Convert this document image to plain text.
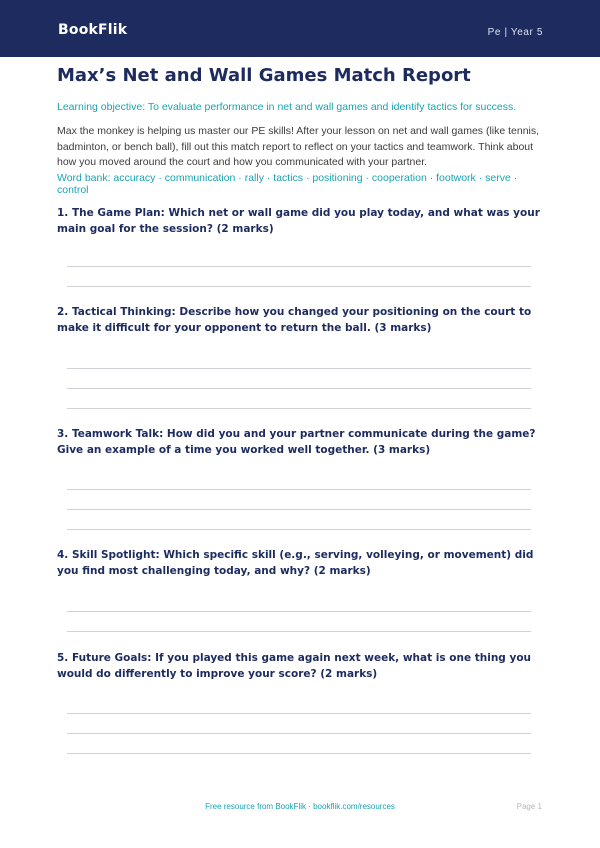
BookFlik	Pe | Year 5
Max’s Net and Wall Games Match Report
Learning objective: To evaluate performance in net and wall games and identify tactics for success.
Max the monkey is helping us master our PE skills! After your lesson on net and wall games (like tennis, badminton, or bench ball), fill out this match report to reflect on your tactics and teamwork. Think about how you moved around the court and how you communicated with your partner.
Word bank: accuracy · communication · rally · tactics · positioning · cooperation · footwork · serve · control
1. The Game Plan: Which net or wall game did you play today, and what was your main goal for the session? (2 marks)
2. Tactical Thinking: Describe how you changed your positioning on the court to make it difficult for your opponent to return the ball. (3 marks)
3. Teamwork Talk: How did you and your partner communicate during the game? Give an example of a time you worked well together. (3 marks)
4. Skill Spotlight: Which specific skill (e.g., serving, volleying, or movement) did you find most challenging today, and why? (2 marks)
5. Future Goals: If you played this game again next week, what is one thing you would do differently to improve your score? (2 marks)
Free resource from BookFlik · bookflik.com/resources	Page 1
